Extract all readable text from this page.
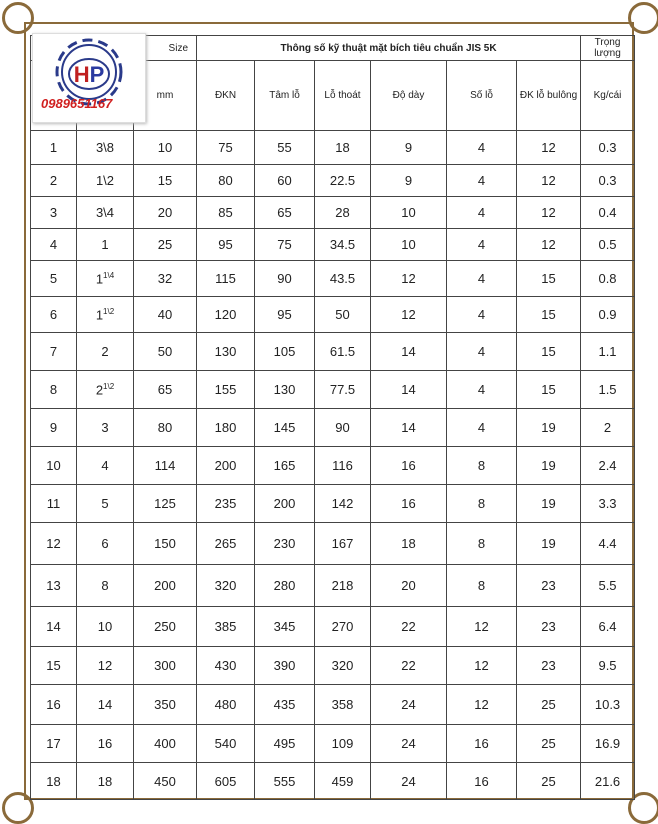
Size			Thông số kỹ thuật mặt bích tiêu chuẩn JIS 5K						Trọng lượng
		mm	ĐKN	Tâm lỗ	Lỗ thoát	Độ dày	Số lỗ	ĐK lỗ bulông	Kg/cái
1	3\8	10	75	55	18	9	4	12	0.3
2	1\2	15	80	60	22.5	9	4	12	0.3
3	3\4	20	85	65	28	10	4	12	0.4
4	1	25	95	75	34.5	10	4	12	0.5
5	$1^{1\backslash 4}$	32	115	90	43.5	12	4	15	0.8
6	$1^{1\backslash 2}$	40	120	95	50	12	4	15	0.9
7	2	50	130	105	61.5	14	4	15	1.1
8	$2^{1\backslash 2}$	65	155	130	77.5	14	4	15	1.5
9	3	80	180	145	90	14	4	19	2
10	4	114	200	165	116	16	8	19	2.4
11	5	125	235	200	142	16	8	19	3.3
12	6	150	265	230	167	18	8	19	4.4
13	8	200	320	280	218	20	8	23	5.5
14	10	250	385	345	270	22	12	23	6.4
15	12	300	430	390	320	22	12	23	9.5
16	14	350	480	435	358	24	12	25	10.3
17	16	400	540	495	109	24	16	25	16.9
18	18	450	605	555	459	24	16	25	21.6
HP
0989651167
